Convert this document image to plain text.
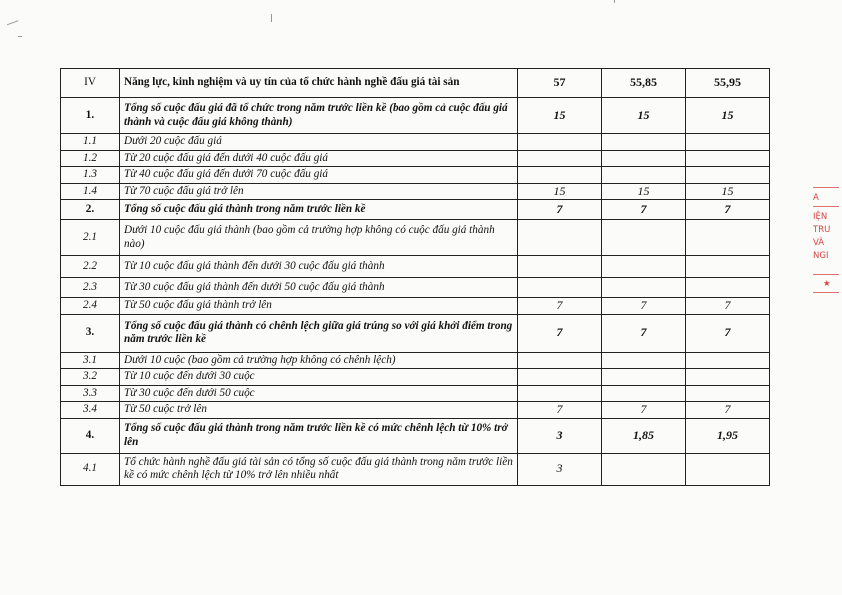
IV	Năng lực, kinh nghiệm và uy tín của tổ chức hành nghề đấu giá tài sản	57	55,85	55,95
1.	Tổng số cuộc đấu giá đã tổ chức trong năm trước liền kề (bao gồm cả cuộc đấu giá thành và cuộc đấu giá không thành)	15	15	15
1.1	Dưới 20 cuộc đấu giá			
1.2	Từ 20 cuộc đấu giá đến dưới 40 cuộc đấu giá			
1.3	Từ 40 cuộc đấu giá đến dưới 70 cuộc đấu giá			
1.4	Từ 70 cuộc đấu giá trở lên	15	15	15
2.	Tổng số cuộc đấu giá thành trong năm trước liền kề	7	7	7
2.1	Dưới 10 cuộc đấu giá thành (bao gồm cả trường hợp không có cuộc đấu giá thành nào)			
2.2	Từ 10 cuộc đấu giá thành đến dưới 30 cuộc đấu giá thành			
2.3	Từ 30 cuộc đấu giá thành đến dưới 50 cuộc đấu giá thành			
2.4	Từ 50 cuộc đấu giá thành trở lên	7	7	7
3.	Tổng số cuộc đấu giá thành có chênh lệch giữa giá trúng so với giá khởi điểm trong năm trước liền kề	7	7	7
3.1	Dưới 10 cuộc (bao gồm cả trường hợp không có chênh lệch)			
3.2	Từ 10 cuộc đến dưới 30 cuộc			
3.3	Từ 30 cuộc đến dưới 50 cuộc			
3.4	Từ 50 cuộc trở lên	7	7	7
4.	Tổng số cuộc đấu giá thành trong năm trước liền kề có mức chênh lệch từ 10% trở lên	3	1,85	1,95
4.1	Tổ chức hành nghề đấu giá tài sản có tổng số cuộc đấu giá thành trong năm trước liền kề có mức chênh lệch từ 10% trở lên nhiều nhất	3		
A
IỆN
TRU
VÀ
NGI
★
